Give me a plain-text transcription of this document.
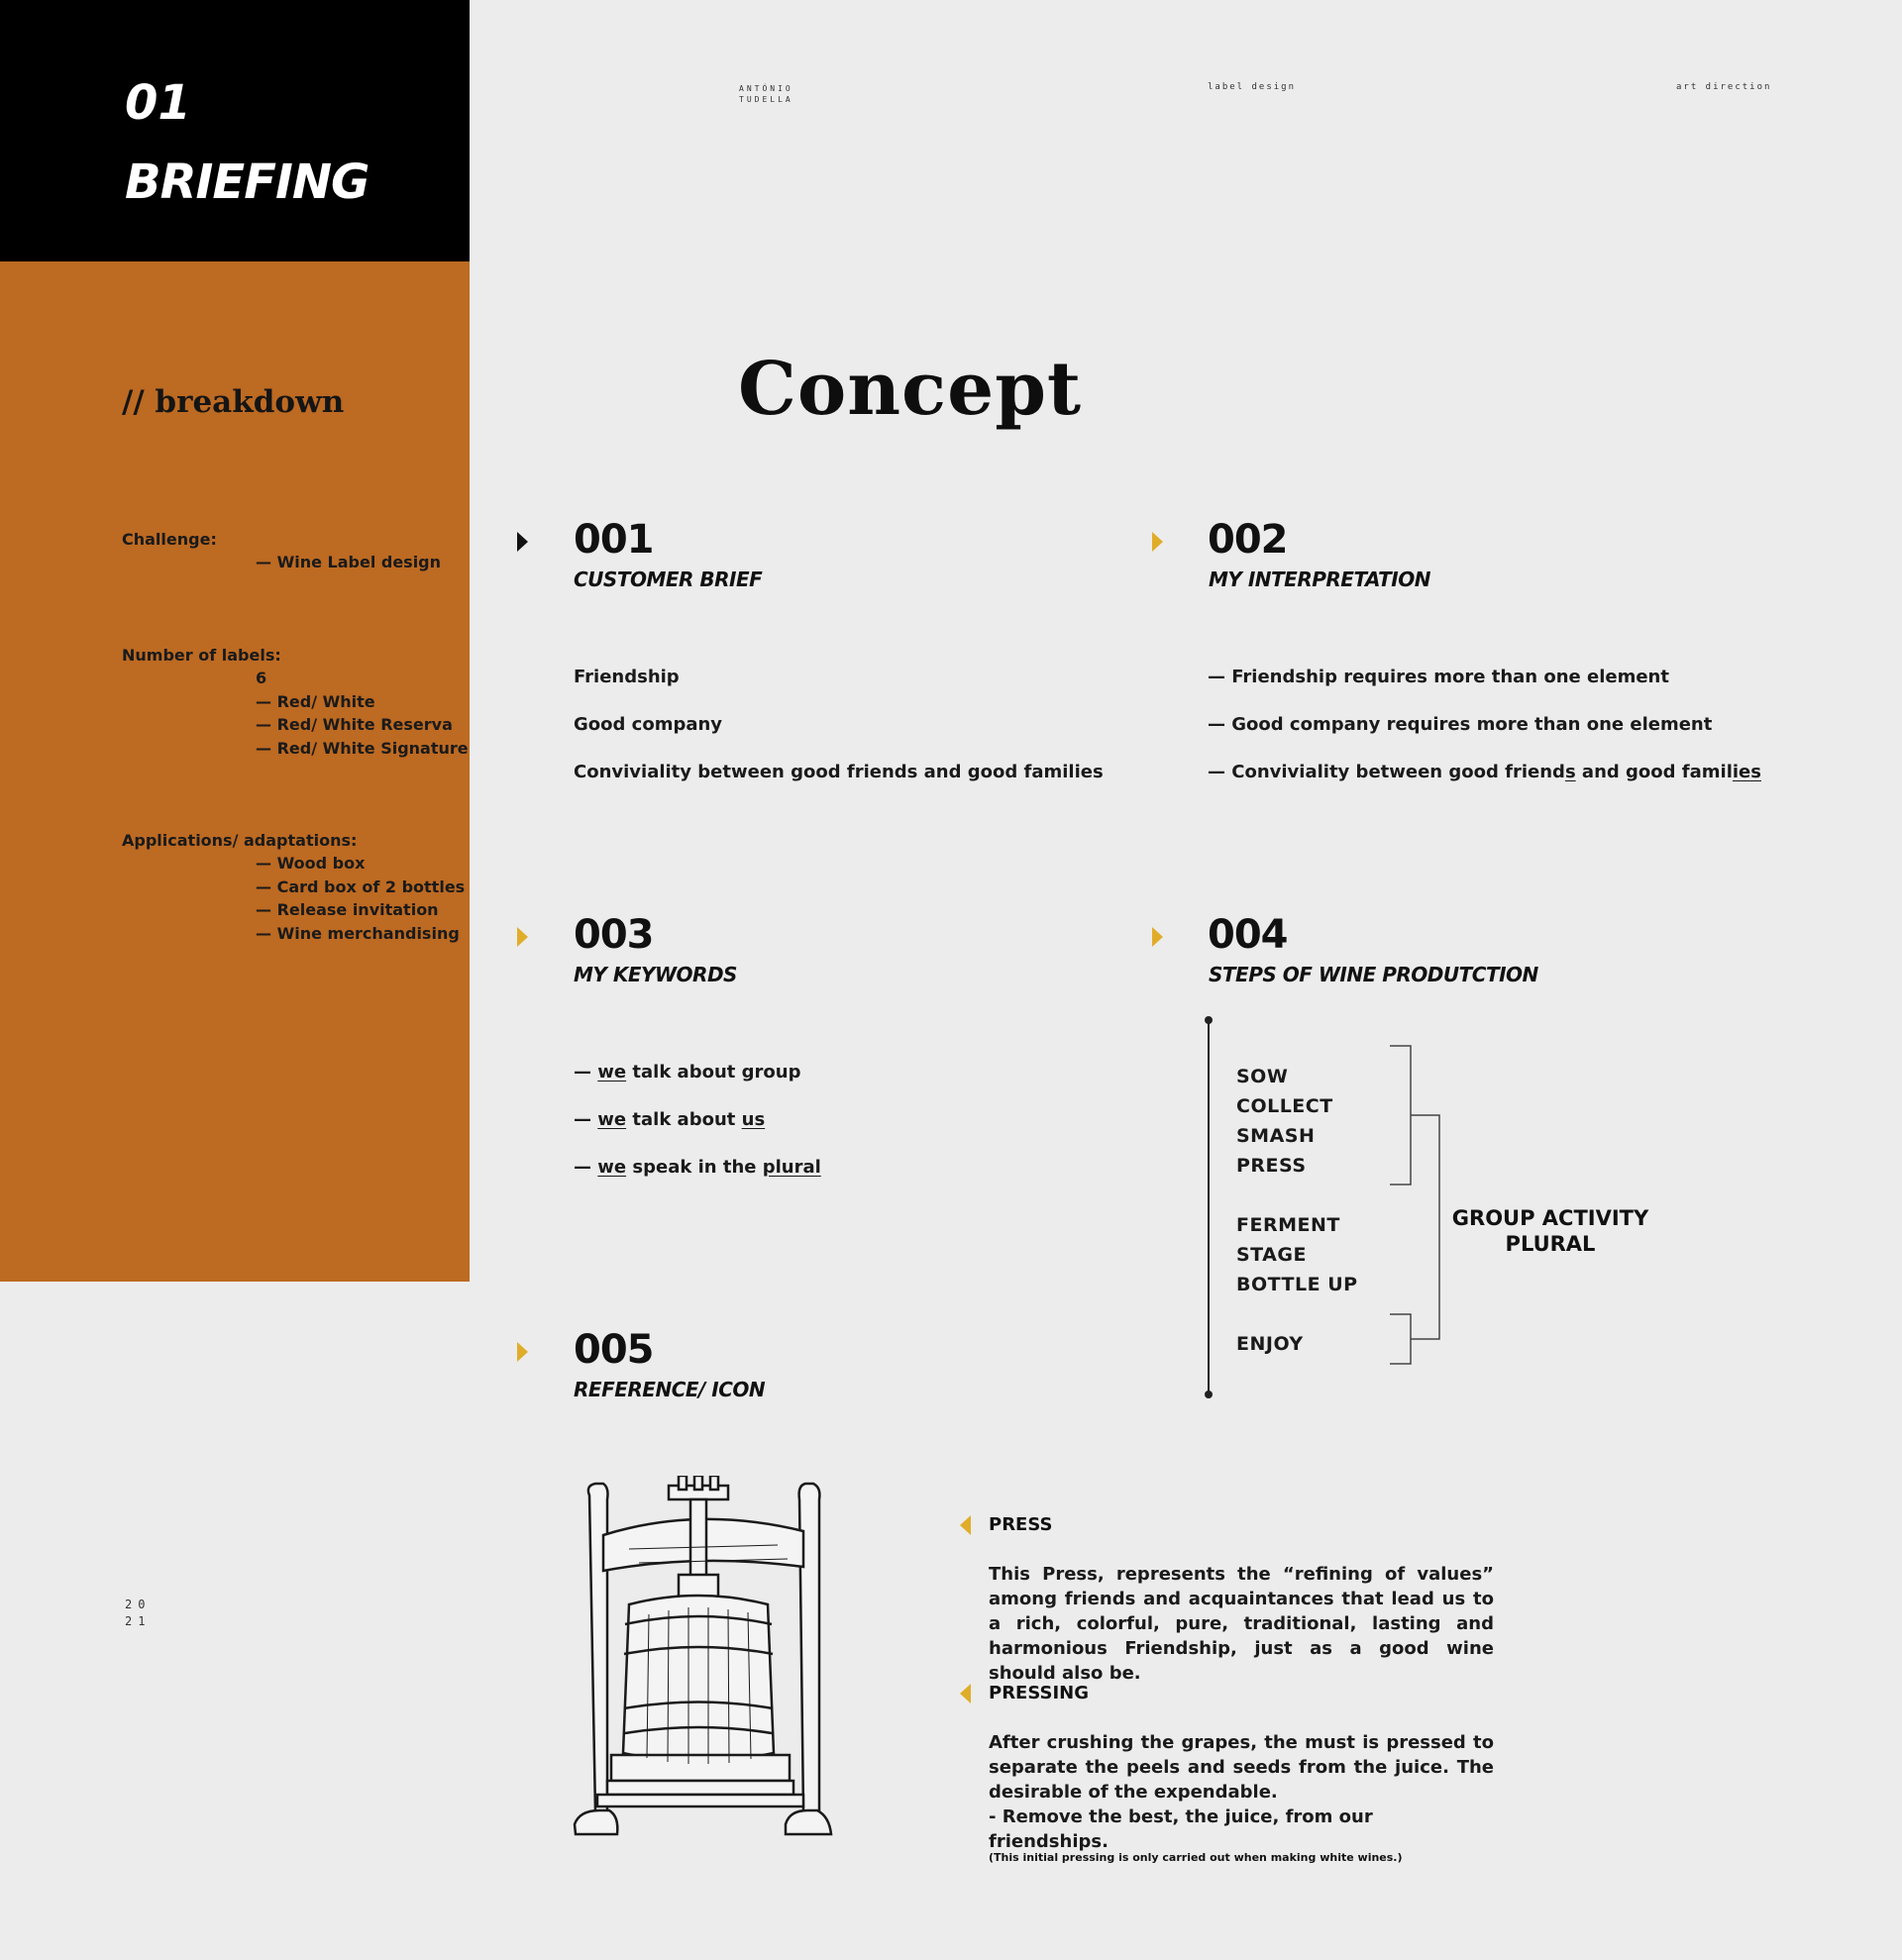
01
BRIEFING
// breakdown
Challenge:
— Wine Label design
Number of labels:
6
— Red/ White
— Red/ White Reserva
— Red/ White Signature
Applications/ adaptations:
— Wood box
— Card box of 2 bottles
— Release invitation
— Wine merchandising
20
21
ANTÓNIO
TUDELLA
label design	art direction
Concept
001
CUSTOMER BRIEF
Friendship
Good company
Conviviality between good friends and good families
002
MY INTERPRETATION
— Friendship requires more than one element
— Good company requires more than one element
— Conviviality between good friends and good families
003
MY KEYWORDS
— we talk about group
— we talk about us
— we speak in the plural
004
STEPS OF WINE PRODUTCTION
SOW
COLLECT
SMASH
PRESS
FERMENT
STAGE
BOTTLE UP
ENJOY
GROUP ACTIVITY
PLURAL
005
REFERENCE/ ICON
PRESS
This Press, represents the “refining of values” among friends and acquaintances that lead us to a rich, colorful, pure, traditional, lasting and harmonious Friendship, just as a good wine should also be.
PRESSING
After crushing the grapes, the must is pressed to separate the peels and seeds from the juice. The desirable of the expendable.
- Remove the best, the juice, from our friendships.
(This initial pressing is only carried out when making white wines.)
